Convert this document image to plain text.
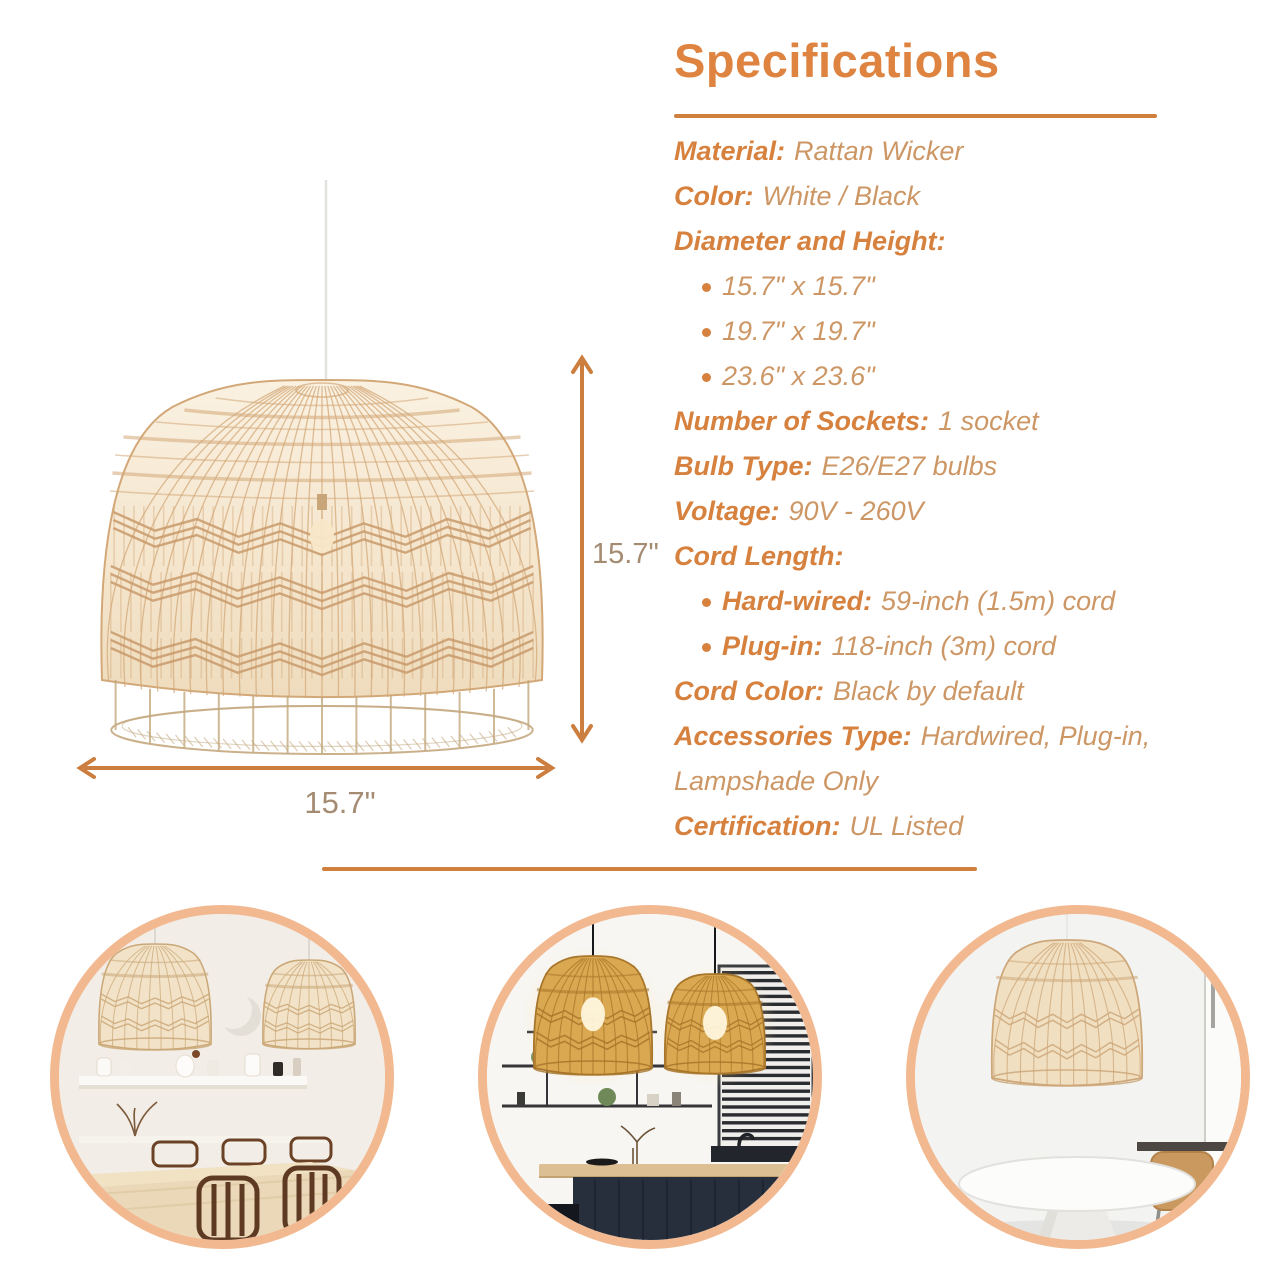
15.7"
15.7"
Specifications
Material: Rattan Wicker
Color: White / Black
Diameter and Height:
15.7" x 15.7"
19.7" x 19.7"
23.6" x 23.6"
Number of Sockets: 1 socket
Bulb Type: E26/E27 bulbs
Voltage: 90V - 260V
Cord Length:
Hard-wired: 59-inch (1.5m) cord
Plug-in: 118-inch (3m) cord
Cord Color: Black by default
Accessories Type: Hardwired, Plug-in, Lampshade Only
Certification: UL Listed
